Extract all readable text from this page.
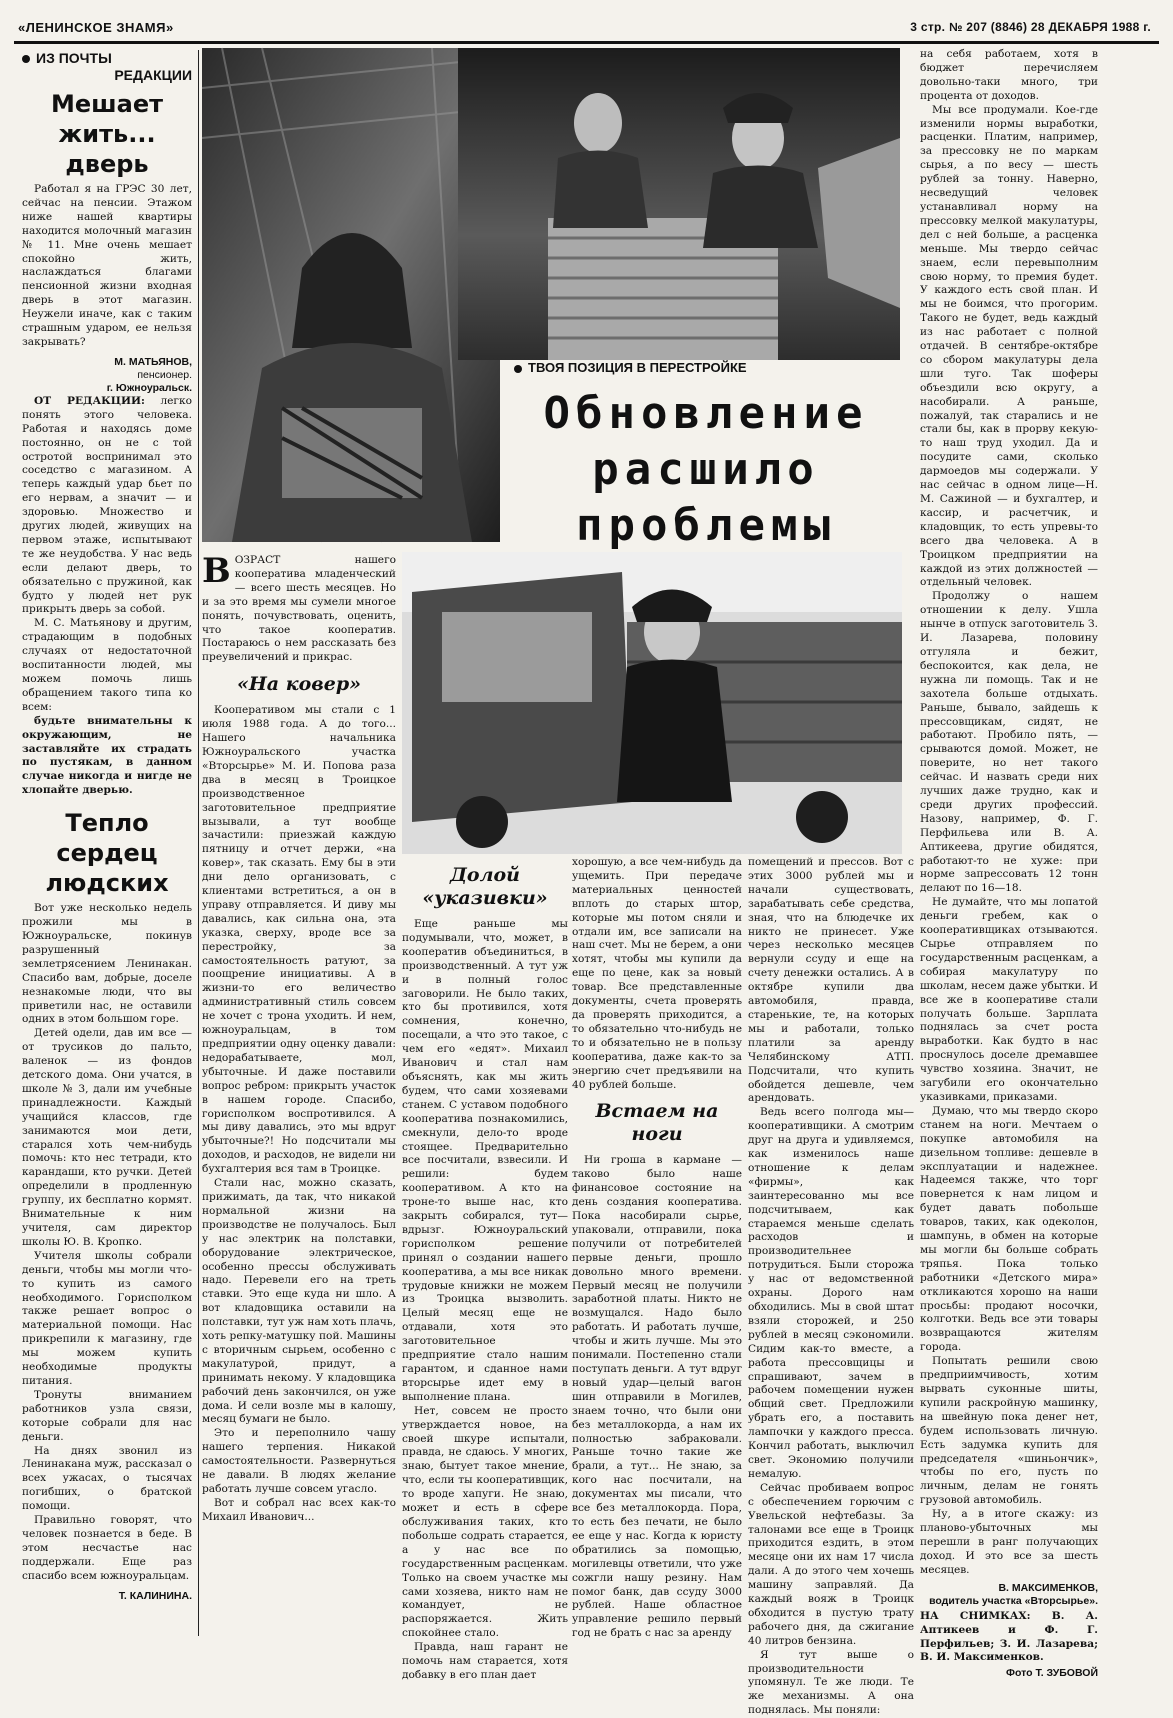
«ЛЕНИНСКОЕ ЗНАМЯ»	3 стр. № 207 (8846) 28 ДЕКАБРЯ 1988 г.
ИЗ ПОЧТЫ
РЕДАКЦИИ
Мешает жить... дверь

Работал я на ГРЭС 30 лет, сейчас на пенсии. Этажом ниже нашей квартиры находится молочный магазин № 11. Мне очень мешает спокойно жить, наслаждаться благами пенсионной жизни входная дверь в этот магазин. Неужели иначе, как с таким страшным ударом, ее нельзя закрывать?

М. МАТЬЯНОВ,
пенсионер.
г. Южноуральск.

ОТ РЕДАКЦИИ: легко понять этого человека. Работая и находясь доме постоянно, он не с той остротой воспринимал это соседство с магазином. А теперь каждый удар бьет по его нервам, а значит — и здоровью. Множество и других людей, живущих на первом этаже, испытывают те же неудобства. У нас ведь если делают дверь, то обязательно с пружиной, как будто у людей нет рук прикрыть дверь за собой.

М. С. Матьянову и другим, страдающим в подобных случаях от недостаточной воспитанности людей, мы можем помочь лишь обращением такого типа ко всем:

будьте внимательны к окружающим, не заставляйте их страдать по пустякам, в данном случае никогда и нигде не хлопайте дверью.

Тепло сердец людских

Вот уже несколько недель прожили мы в Южноуральске, покинув разрушенный землетрясением Ленинакан. Спасибо вам, добрые, доселе незнакомые люди, что вы приветили нас, не оставили одних в этом большом горе.

Детей одели, дав им все — от трусиков до пальто, валенок — из фондов детского дома. Они учатся, в школе № 3, дали им учебные принадлежности. Каждый учащийся классов, где занимаются мои дети, старался хоть чем-нибудь помочь: кто нес тетради, кто карандаши, кто ручки. Детей определили в продленную группу, их бесплатно кормят. Внимательные к ним учителя, сам директор школы Ю. В. Кропко.

Учителя школы собрали деньги, чтобы мы могли что-то купить из самого необходимого. Горисполком также решает вопрос о материальной помощи. Нас прикрепили к магазину, где мы можем купить необходимые продукты питания.

Тронуты вниманием работников узла связи, которые собрали для нас деньги.

На днях звонил из Ленинакана муж, рассказал о всех ужасах, о тысячах погибших, о братской помощи.

Правильно говорят, что человек познается в беде. В этом несчастье нас поддержали. Еще раз спасибо всем южноуральцам.

Т. КАЛИНИНА.
ТВОЯ ПОЗИЦИЯ В ПЕРЕСТРОЙКЕ
Обновление
расшило
проблемы

ВОЗРАСТ нашего кооператива младенческий — всего шесть месяцев. Но и за это время мы сумели многое понять, почувствовать, оценить, что такое кооператив. Постараюсь о нем рассказать без преувеличений и прикрас.

«На ковер»

Кооперативом мы стали с 1 июля 1988 года. А до того... Нашего начальника Южноуральского участка «Вторсырье» М. И. Попова раза два в месяц в Троицкое производственное заготовительное предприятие вызывали, а тут вообще зачастили: приезжай каждую пятницу и отчет держи, «на ковер», так сказать. Ему бы в эти дни дело организовать, с клиентами встретиться, а он в управу отправляется. И диву мы давались, как сильна она, эта указка, сверху, вроде все за перестройку, за самостоятельность ратуют, за поощрение инициативы. А в жизни-то его величество административный стиль совсем не хочет с трона уходить. И нем, южноуральцам, в том предприятии одну оценку давали: недорабатываете, мол, убыточные. И даже поставили вопрос ребром: прикрыть участок в нашем городе. Спасибо, горисполком воспротивился. А мы диву давались, это мы вдруг убыточные?! Но подсчитали мы доходов, и расходов, не видели ни бухгалтерия вся там в Троицке.

Стали нас, можно сказать, прижимать, да так, что никакой нормальной жизни на производстве не получалось. Был у нас электрик на полставки, оборудование электрическое, особенно прессы обслуживать надо. Перевели его на треть ставки. Это еще куда ни шло. А вот кладовщика оставили на полставки, тут уж нам хоть плачь, хоть репку-матушку пой. Машины с вторичным сырьем, особенно с макулатурой, придут, а принимать некому. У кладовщика рабочий день закончился, он уже дома. И сели возле мы в калошу, месяц бумаги не было.

Это и переполнило чашу нашего терпения. Никакой самостоятельности. Развернуться не давали. В людях желание работать лучше совсем угасло.

Вот и собрал нас всех как-то Михаил Иванович...

Долой «указивки»

Еще раньше мы подумывали, что, может, в кооператив объединиться, в производственный. А тут уж и в полный голос заговорили. Не было таких, кто бы противился, хотя сомнения, конечно, посещали, а что это такое, с чем его «едят». Михаил Иванович и стал нам объяснять, как мы жить будем, что сами хозяевами станем. С уставом подобного кооператива познакомились, смекнули, дело-то вроде стоящее. Предварительно все посчитали, взвесили. И решили: будем кооперативом. А кто на троне-то выше нас, кто закрыть собирался, тут—вдрызг. Южноуральский горисполком решение принял о создании нашего кооператива, а мы все никак трудовые книжки не можем из Троицка вызволить. Целый месяц еще не отдавали, хотя это заготовительное предприятие стало нашим гарантом, и сданное нами вторсырье идет ему в выполнение плана.

Нет, совсем не просто утверждается новое, на своей шкуре испытали, правда, не сдаюсь. У многих, знаю, бытует такое мнение, что, если ты кооперативщик, то вроде хапуги. Не знаю, может и есть в сфере обслуживания таких, кто побольше содрать старается, а у нас все по государственным расценкам. Только на своем участке мы сами хозяева, никто нам не командует, не распоряжается. Жить спокойнее стало.

Правда, наш гарант не помочь нам старается, хотя добавку в его план дает

хорошую, а все чем-нибудь да ущемить. При передаче материальных ценностей вплоть до старых штор, которые мы потом сняли и отдали им, все записали на наш счет. Мы не берем, а они хотят, чтобы мы купили да еще по цене, как за новый товар. Все представленные документы, счета проверять да проверять приходится, а то обязательно что-нибудь не то и обязательно не в пользу кооператива, даже как-то за энергию счет предъявили на 40 рублей больше.

Встаем на ноги

Ни гроша в кармане — таково было наше финансовое состояние на день создания кооператива. Пока насобирали сырье, упаковали, отправили, пока получили от потребителей первые деньги, прошло довольно много времени. Первый месяц не получили заработной платы. Никто не возмущался. Надо было работать. И работать лучше, чтобы и жить лучше. Мы это понимали. Постепенно стали поступать деньги. А тут вдруг новый удар—целый вагон шин отправили в Могилев, знаем точно, что были они без металлокорда, а нам их полностью забраковали. Раньше точно такие же брали, а тут... Не знаю, за кого нас посчитали, на документах мы писали, что все без металлокорда. Пора, то есть без печати, не было ее еще у нас. Когда к юристу обратились за помощью, могилевцы ответили, что уже сожгли нашу резину. Нам помог банк, дав ссуду 3000 рублей. Наше областное управление решило первый год не брать с нас за аренду

помещений и прессов. Вот с этих 3000 рублей мы и начали существовать, зарабатывать себе средства, зная, что на блюдечке их никто не принесет. Уже через несколько месяцев вернули ссуду и еще на счету денежки остались. А в октябре купили два автомобиля, правда, старенькие, те, на которых мы и работали, только платили за аренду Челябинскому АТП. Подсчитали, что купить обойдется дешевле, чем арендовать.

Ведь всего полгода мы—кооперативщики. А смотрим друг на друга и удивляемся, как изменилось наше отношение к делам «фирмы», как заинтересованно мы все подсчитываем, как стараемся меньше сделать расходов и производительнее потрудиться. Были сторожа у нас от ведомственной охраны. Дорого нам обходились. Мы в свой штат взяли сторожей, и 250 рублей в месяц сэкономили. Сидим как-то вместе, а работа прессовщицы и спрашивают, зачем в рабочем помещении нужен общий свет. Предложили убрать его, а поставить лампочки у каждого пресса. Кончил работать, выключил свет. Экономию получили немалую.

Сейчас пробиваем вопрос с обеспечением горючим с Увельской нефтебазы. За талонами все еще в Троицк приходится ездить, в этом месяце они их нам 17 числа дали. А до этого чем хочешь машину заправляй. Да каждый вояж в Троицк обходится в пустую трату рабочего дня, да сжигание 40 литров бензина.

Я тут выше о производительности упомянул. Те же люди. Те же механизмы. А она поднялась. Мы поняли:

на себя работаем, хотя в бюджет перечисляем довольно-таки много, три процента от доходов.

Мы все продумали. Кое-где изменили нормы выработки, расценки. Платим, например, за прессовку не по маркам сырья, а по весу — шесть рублей за тонну. Наверно, несведущий человек устанавливал норму на прессовку мелкой макулатуры, дел с ней больше, а расценка меньше. Мы твердо сейчас знаем, если перевыполним свою норму, то премия будет. У каждого есть свой план. И мы не боимся, что прогорим. Такого не будет, ведь каждый из нас работает с полной отдачей. В сентябре-октябре со сбором макулатуры дела шли туго. Так шоферы объездили всю округу, а насобирали. А раньше, пожалуй, так старались и не стали бы, как в прорву кекую-то наш труд уходил. Да и посудите сами, сколько дармоедов мы содержали. У нас сейчас в одном лице—Н. М. Сажиной — и бухгалтер, и кассир, и расчетчик, и кладовщик, то есть упревы-то всего два человека. А в Троицком предприятии на каждой из этих должностей — отдельный человек.

Продолжу о нашем отношении к делу. Ушла нынче в отпуск заготовитель З. И. Лазарева, половину отгуляла и бежит, беспокоится, как дела, не нужна ли помощь. Так и не захотела больше отдыхать. Раньше, бывало, зайдешь к прессовщикам, сидят, не работают. Пробило пять, —срываются домой. Может, не поверите, но нет такого сейчас. И назвать среди них лучших даже трудно, как и среди других профессий. Назову, например, Ф. Г. Перфильева или В. А. Аптикеева, другие обидятся, работают-то не хуже: при норме запрессовать 12 тонн делают по 16—18.

Не думайте, что мы лопатой деньги гребем, как о кооперативщиках отзываются. Сырье отправляем по государственным расценкам, а собирая макулатуру по школам, несем даже убытки. И все же в кооперативе стали получать больше. Зарплата поднялась за счет роста выработки. Как будто в нас проснулось доселе дремавшее чувство хозяина. Значит, не загубили его окончательно указивками, приказами.

Думаю, что мы твердо скоро станем на ноги. Мечтаем о покупке автомобиля на дизельном топливе: дешевле в эксплуатации и надежнее. Надеемся также, что торг повернется к нам лицом и будет давать побольше товаров, таких, как одеколон, шампунь, в обмен на которые мы могли бы больше собрать тряпья. Пока только работники «Детского мира» откликаются хорошо на наши просьбы: продают носочки, колготки. Ведь все эти товары возвращаются жителям города.

Попытать решили свою предприимчивость, хотим вырвать суконные шиты, купили раскройную машинку, на швейную пока денег нет, будем использовать личную. Есть задумка купить для председателя «шиньончик», чтобы по его, пусть по личным, делам не гонять грузовой автомобиль.

Ну, а в итоге скажу: из планово-убыточных мы перешли в ранг получающих доход. И это все за шесть месяцев.

В. МАКСИМЕНКОВ,
водитель участка «Вторсырье».

НА СНИМКАХ: В. А. Аптикеев и Ф. Г. Перфильев; З. И. Лазарева; В. И. Максименков.

Фото Т. ЗУБОВОЙ
